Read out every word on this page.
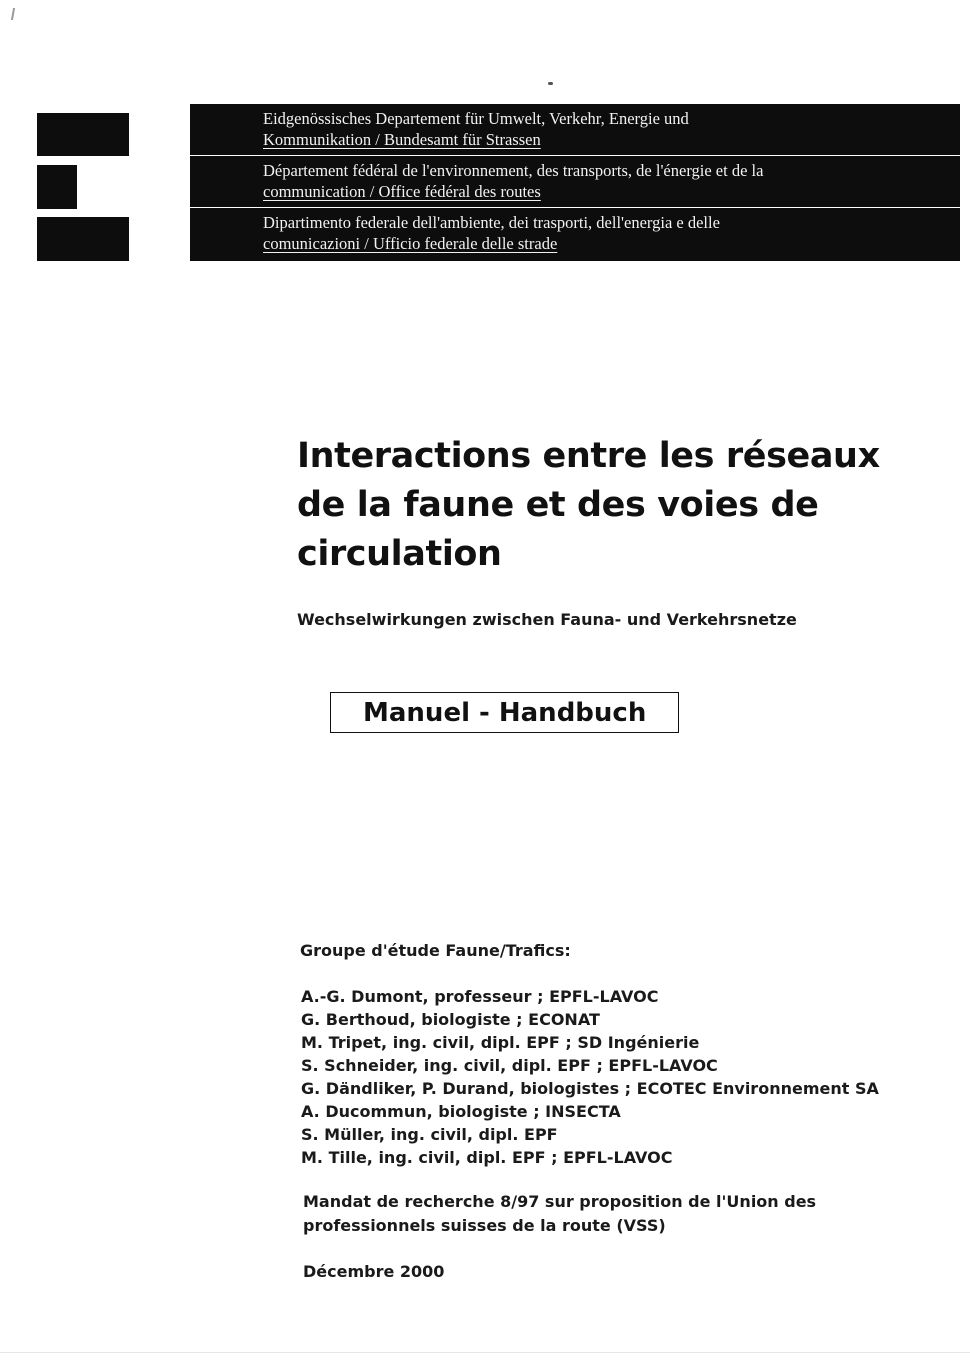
Eidgenössisches Departement für Umwelt, Verkehr, Energie und
Kommunikation / Bundesamt für Strassen
Département fédéral de l'environnement, des transports, de l'énergie et de la
communication / Office fédéral des routes
Dipartimento federale dell'ambiente, dei trasporti, dell'energia e delle
comunicazioni / Ufficio federale delle strade
Interactions entre les réseaux
de la faune et des voies de
circulation
Wechselwirkungen zwischen Fauna- und Verkehrsnetze
Manuel - Handbuch
Groupe d'étude Faune/Trafics:
A.-G. Dumont, professeur ; EPFL-LAVOC
G. Berthoud, biologiste ; ECONAT
M. Tripet, ing. civil, dipl. EPF ; SD Ingénierie
S. Schneider, ing. civil, dipl. EPF ; EPFL-LAVOC
G. Dändliker, P. Durand, biologistes ; ECOTEC Environnement SA
A. Ducommun, biologiste ; INSECTA
S. Müller, ing. civil, dipl. EPF
M. Tille, ing. civil, dipl. EPF ; EPFL-LAVOC
Mandat de recherche 8/97 sur proposition de l'Union des
professionnels suisses de la route (VSS)
Décembre 2000
